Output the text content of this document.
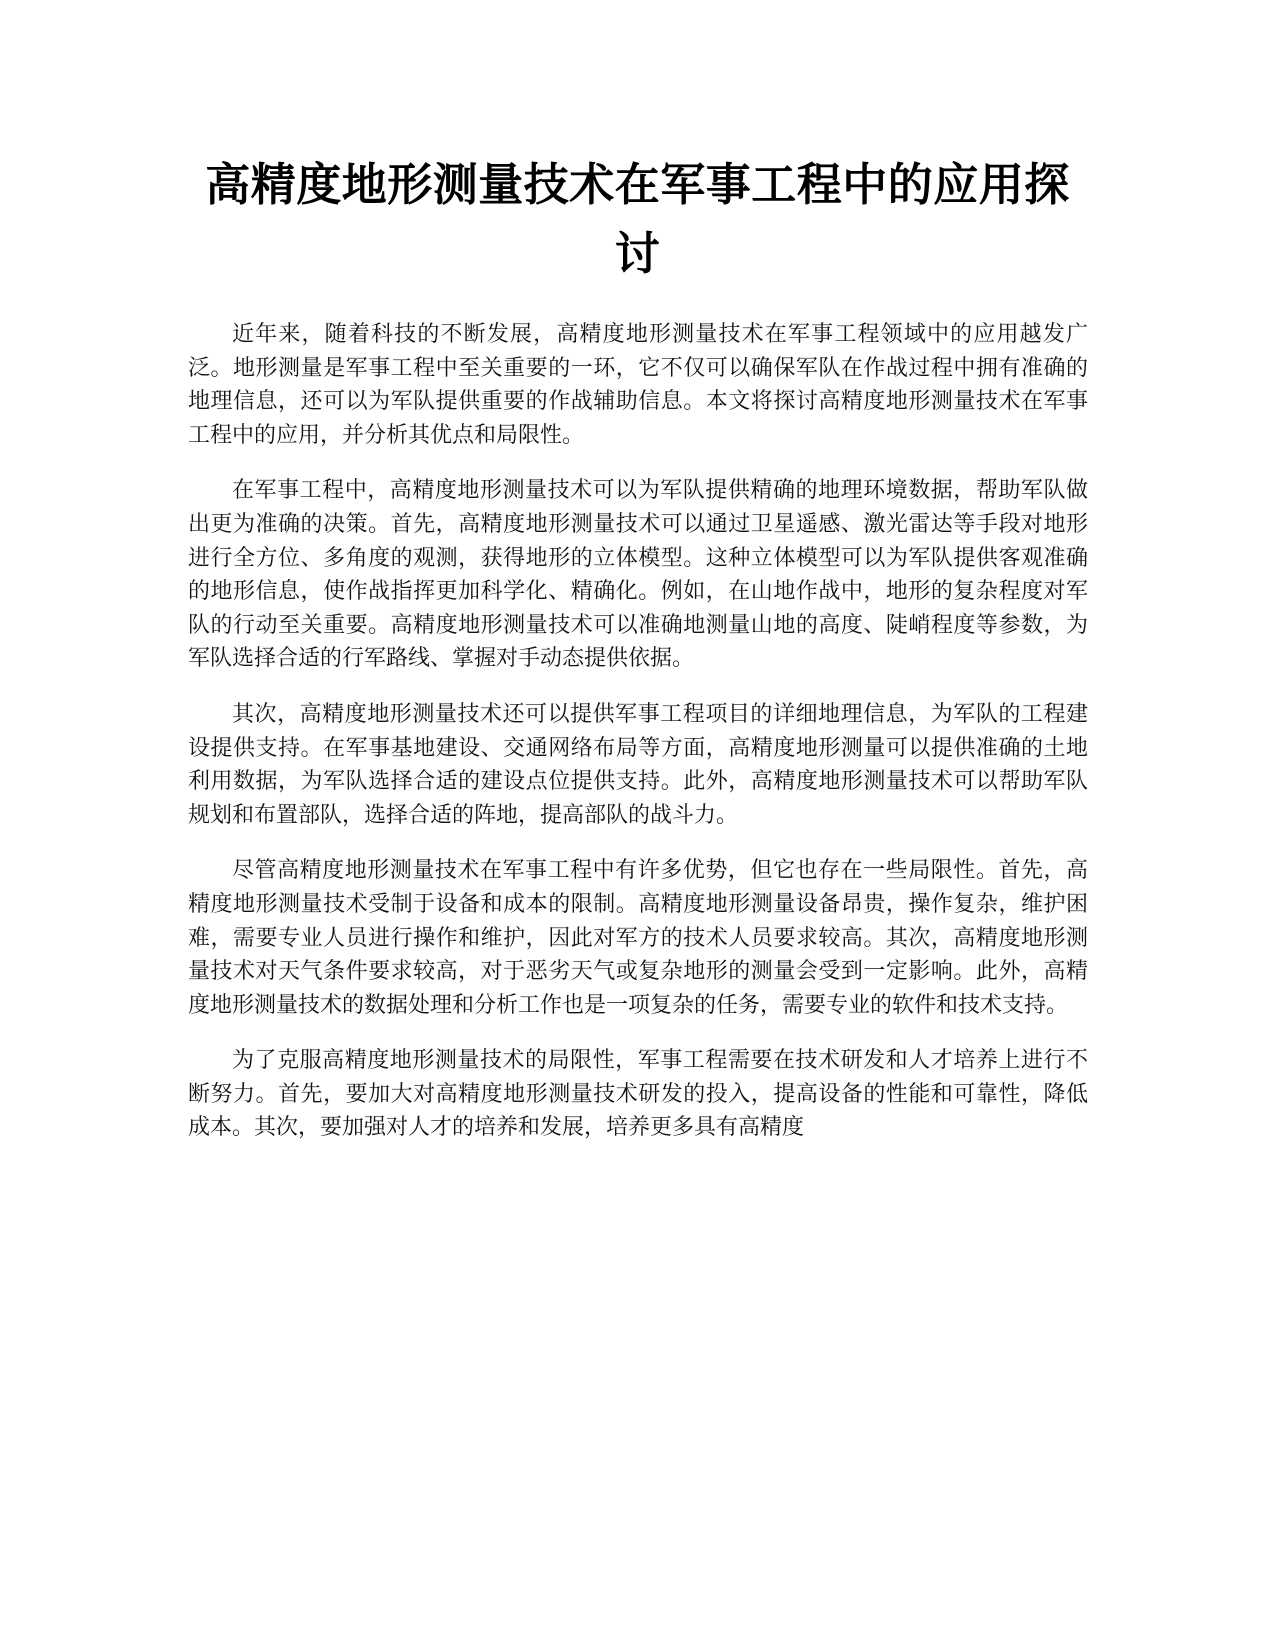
高精度地形测量技术在军事工程中的应用探讨

近年来，随着科技的不断发展，高精度地形测量技术在军事工程领域中的应用越发广泛。地形测量是军事工程中至关重要的一环，它不仅可以确保军队在作战过程中拥有准确的地理信息，还可以为军队提供重要的作战辅助信息。本文将探讨高精度地形测量技术在军事工程中的应用，并分析其优点和局限性。

在军事工程中，高精度地形测量技术可以为军队提供精确的地理环境数据，帮助军队做出更为准确的决策。首先，高精度地形测量技术可以通过卫星遥感、激光雷达等手段对地形进行全方位、多角度的观测，获得地形的立体模型。这种立体模型可以为军队提供客观准确的地形信息，使作战指挥更加科学化、精确化。例如，在山地作战中，地形的复杂程度对军队的行动至关重要。高精度地形测量技术可以准确地测量山地的高度、陡峭程度等参数，为军队选择合适的行军路线、掌握对手动态提供依据。

其次，高精度地形测量技术还可以提供军事工程项目的详细地理信息，为军队的工程建设提供支持。在军事基地建设、交通网络布局等方面，高精度地形测量可以提供准确的土地利用数据，为军队选择合适的建设点位提供支持。此外，高精度地形测量技术可以帮助军队规划和布置部队，选择合适的阵地，提高部队的战斗力。

尽管高精度地形测量技术在军事工程中有许多优势，但它也存在一些局限性。首先，高精度地形测量技术受制于设备和成本的限制。高精度地形测量设备昂贵，操作复杂，维护困难，需要专业人员进行操作和维护，因此对军方的技术人员要求较高。其次，高精度地形测量技术对天气条件要求较高，对于恶劣天气或复杂地形的测量会受到一定影响。此外，高精度地形测量技术的数据处理和分析工作也是一项复杂的任务，需要专业的软件和技术支持。

为了克服高精度地形测量技术的局限性，军事工程需要在技术研发和人才培养上进行不断努力。首先，要加大对高精度地形测量技术研发的投入，提高设备的性能和可靠性，降低成本。其次，要加强对人才的培养和发展，培养更多具有高精度
